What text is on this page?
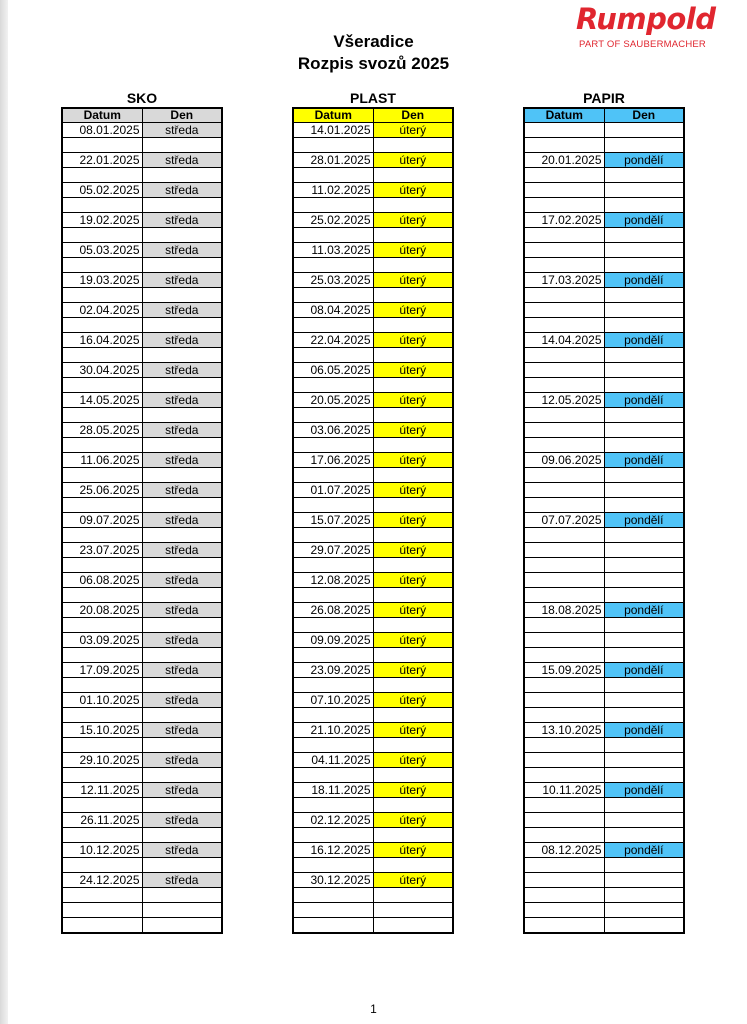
Rumpold
PART OF SAUBERMACHER
Všeradice
Rozpis svozů 2025
SKO	PLAST	PAPIR
Datum	Den
08.01.2025	středa

22.01.2025	středa

05.02.2025	středa

19.02.2025	středa

05.03.2025	středa

19.03.2025	středa

02.04.2025	středa

16.04.2025	středa

30.04.2025	středa

14.05.2025	středa

28.05.2025	středa

11.06.2025	středa

25.06.2025	středa

09.07.2025	středa

23.07.2025	středa

06.08.2025	středa

20.08.2025	středa

03.09.2025	středa

17.09.2025	středa

01.10.2025	středa

15.10.2025	středa

29.10.2025	středa

12.11.2025	středa

26.11.2025	středa

10.12.2025	středa

24.12.2025	středa

Datum	Den
14.01.2025	úterý

28.01.2025	úterý

11.02.2025	úterý

25.02.2025	úterý

11.03.2025	úterý

25.03.2025	úterý

08.04.2025	úterý

22.04.2025	úterý

06.05.2025	úterý

20.05.2025	úterý

03.06.2025	úterý

17.06.2025	úterý

01.07.2025	úterý

15.07.2025	úterý

29.07.2025	úterý

12.08.2025	úterý

26.08.2025	úterý

09.09.2025	úterý

23.09.2025	úterý

07.10.2025	úterý

21.10.2025	úterý

04.11.2025	úterý

18.11.2025	úterý

02.12.2025	úterý

16.12.2025	úterý

30.12.2025	úterý

Datum	Den

20.01.2025	pondělí

17.02.2025	pondělí

17.03.2025	pondělí

14.04.2025	pondělí

12.05.2025	pondělí

09.06.2025	pondělí

07.07.2025	pondělí

18.08.2025	pondělí

15.09.2025	pondělí

13.10.2025	pondělí

10.11.2025	pondělí

08.12.2025	pondělí

1
